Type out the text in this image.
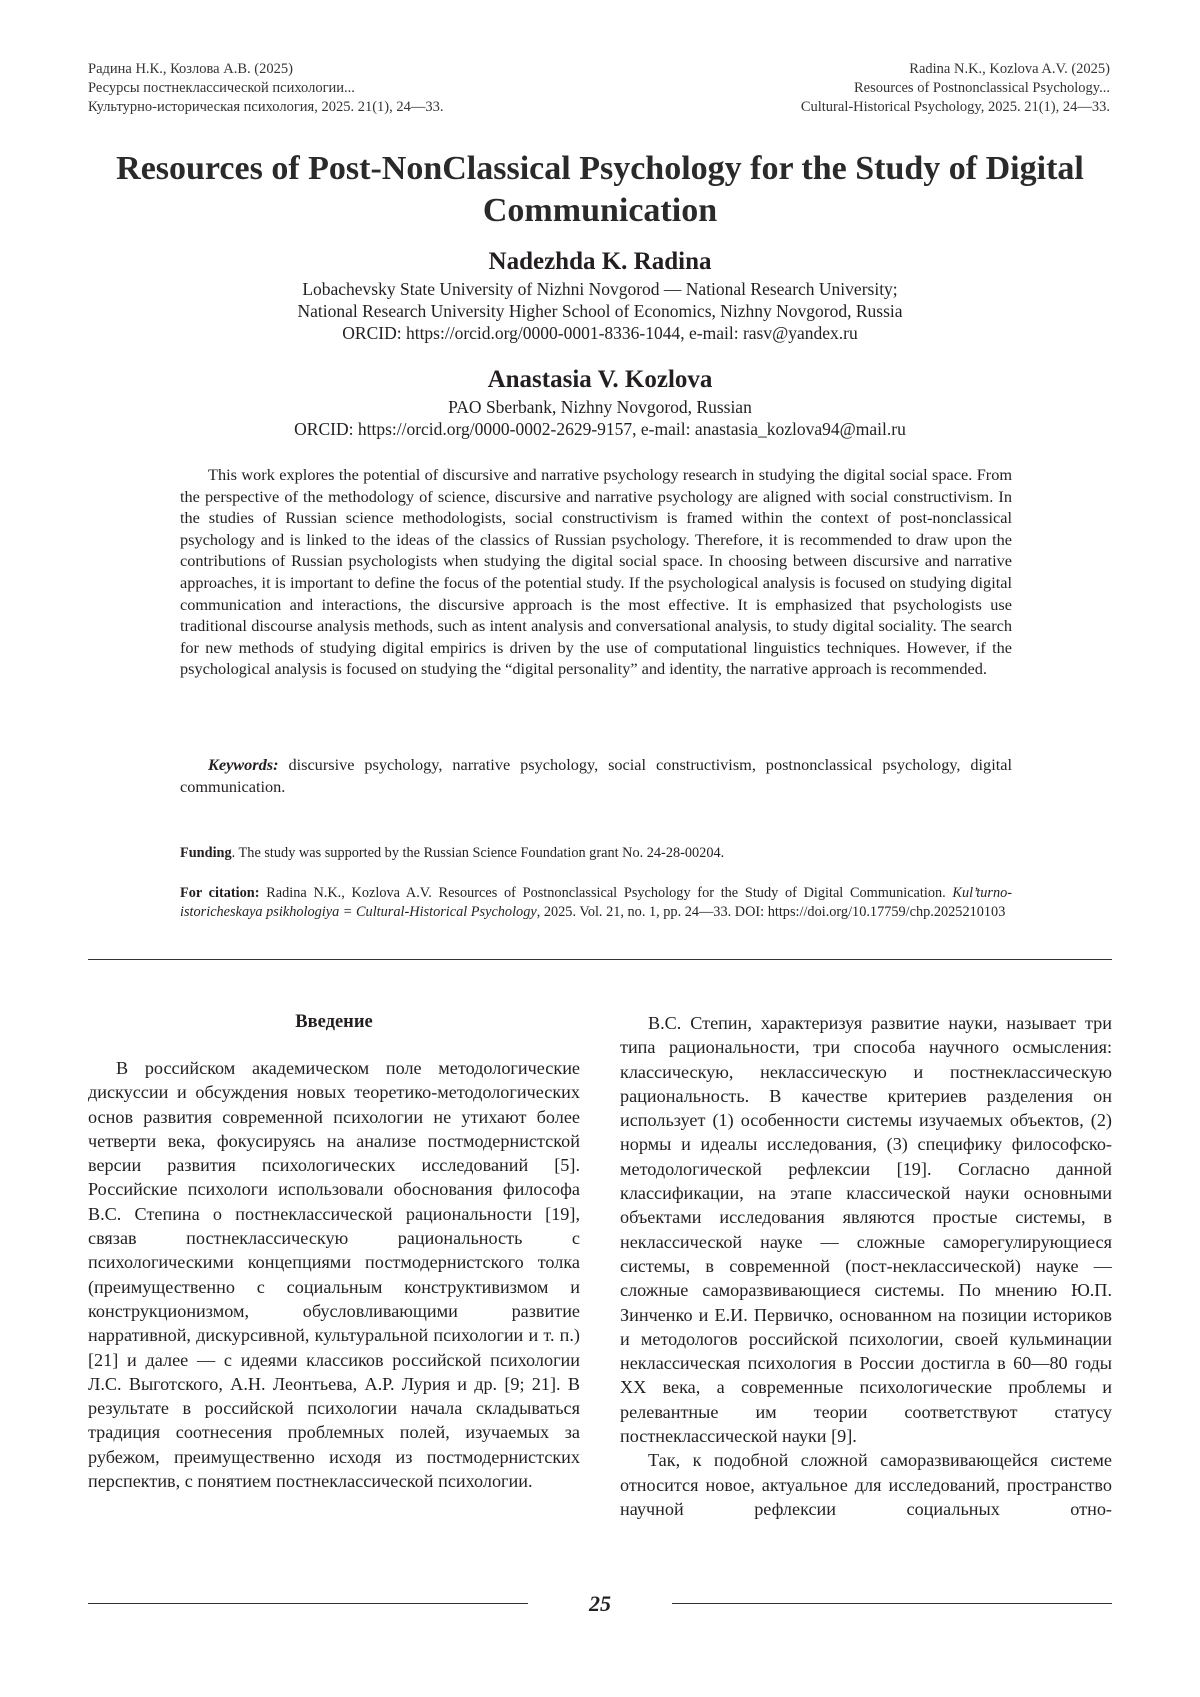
Радина Н.К., Козлова А.В. (2025)
Ресурсы постнеклассической психологии...
Культурно-историческая психология, 2025. 21(1), 24—33.
Radina N.K., Kozlova A.V. (2025)
Resources of Postnonclassical Psychology...
Cultural-Historical Psychology, 2025. 21(1), 24—33.
Resources of Post-NonClassical Psychology for the Study of Digital Communication
Nadezhda K. Radina
Lobachevsky State University of Nizhni Novgorod — National Research University;
National Research University Higher School of Economics, Nizhny Novgorod, Russia
ORCID: https://orcid.org/0000-0001-8336-1044, e-mail: rasv@yandex.ru
Anastasia V. Kozlova
PAO Sberbank, Nizhny Novgorod, Russian
ORCID: https://orcid.org/0000-0002-2629-9157, e-mail: anastasia_kozlova94@mail.ru
This work explores the potential of discursive and narrative psychology research in studying the digital social space. From the perspective of the methodology of science, discursive and narrative psychology are aligned with social constructivism. In the studies of Russian science methodologists, social constructivism is framed within the context of post-nonclassical psychology and is linked to the ideas of the classics of Russian psychology. Therefore, it is recommended to draw upon the contributions of Russian psychologists when studying the digital social space. In choosing between discursive and narrative approaches, it is important to define the focus of the potential study. If the psychological analysis is focused on studying digital communication and interactions, the discursive approach is the most effective. It is emphasized that psychologists use traditional discourse analysis methods, such as intent analysis and conversational analysis, to study digital sociality. The search for new methods of studying digital empirics is driven by the use of computational linguistics techniques. However, if the psychological analysis is focused on studying the “digital personality” and identity, the narrative approach is recommended.
Keywords: discursive psychology, narrative psychology, social constructivism, postnonclassical psychology, digital communication.
Funding. The study was supported by the Russian Science Foundation grant No. 24-28-00204.
For citation: Radina N.K., Kozlova A.V. Resources of Postnonclassical Psychology for the Study of Digital Communication. Kul’turno-istoricheskaya psikhologiya = Cultural-Historical Psychology, 2025. Vol. 21, no. 1, pp. 24—33. DOI: https://doi.org/10.17759/chp.2025210103
Введение

В российском академическом поле методологические дискуссии и обсуждения новых теоретико-методологических основ развития современной психологии не утихают более четверти века, фокусируясь на анализе постмодернистской версии развития психологических исследований [5]. Российские психологи использовали обоснования философа В.С. Степина о постнеклассической рациональности [19], связав постнеклассическую рациональность с психологическими концепциями постмодернистского толка (преимущественно с социальным конструктивизмом и конструкционизмом, обусловливающими развитие нарративной, дискурсивной, культуральной психологии и т. п.) [21] и далее — с идеями классиков российской психологии Л.С. Выготского, А.Н. Леонтьева, А.Р. Лурия и др. [9; 21]. В результате в российской психологии начала складываться традиция соотнесения проблемных полей, изучаемых за рубежом, преимущественно исходя из постмодернистских перспектив, с понятием постнеклассической психологии.

В.С. Степин, характеризуя развитие науки, называет три типа рациональности, три способа научного осмысления: классическую, неклассическую и постнеклассическую рациональность. В качестве критериев разделения он использует (1) особенности системы изучаемых объектов, (2) нормы и идеалы исследования, (3) специфику философско-методологической рефлексии [19]. Согласно данной классификации, на этапе классической науки основными объектами исследования являются простые системы, в неклассической науке — сложные саморегулирующиеся системы, в современной (пост-неклассической) науке — сложные саморазвивающиеся системы. По мнению Ю.П. Зинченко и Е.И. Первичко, основанном на позиции историков и методологов российской психологии, своей кульминации неклассическая психология в России достигла в 60—80 годы XX века, а современные психологические проблемы и релевантные им теории соответствуют статусу постнеклассической науки [9].

Так, к подобной сложной саморазвивающейся системе относится новое, актуальное для исследований, пространство научной рефлексии социальных отно-

25
